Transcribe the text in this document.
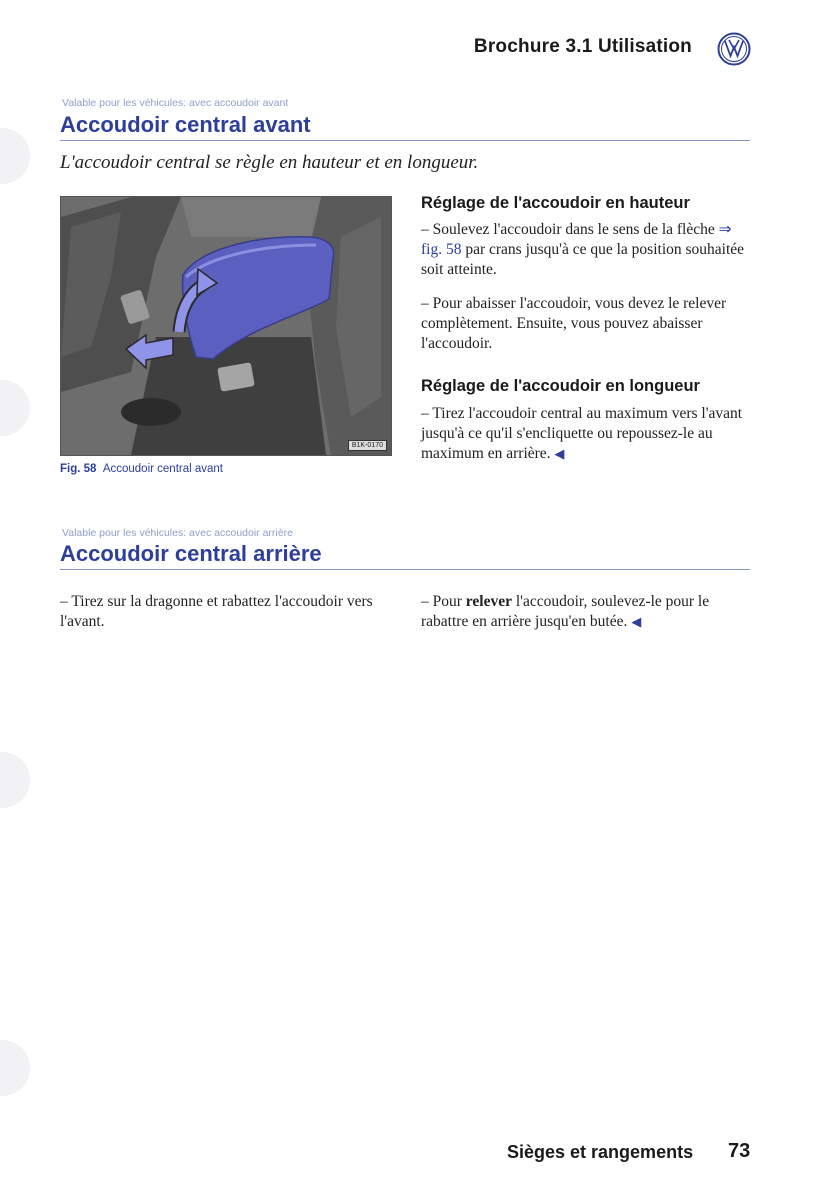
Brochure 3.1 Utilisation
Valable pour les véhicules: avec accoudoir avant
Accoudoir central avant
L'accoudoir central se règle en hauteur et en longueur.
B1K-0170
Fig. 58 Accoudoir central avant
Réglage de l'accoudoir en hauteur
– Soulevez l'accoudoir dans le sens de la flèche ⇒ fig. 58 par crans jusqu'à ce que la position souhaitée soit atteinte.
– Pour abaisser l'accoudoir, vous devez le relever complètement. Ensuite, vous pouvez abaisser l'accoudoir.
Réglage de l'accoudoir en longueur
– Tirez l'accoudoir central au maximum vers l'avant jusqu'à ce qu'il s'encliquette ou repoussez-le au maximum en arrière. ◀
Valable pour les véhicules: avec accoudoir arrière
Accoudoir central arrière
– Tirez sur la dragonne et rabattez l'accoudoir vers l'avant.
– Pour relever l'accoudoir, soulevez-le pour le rabattre en arrière jusqu'en butée. ◀
Sièges et rangements 73
